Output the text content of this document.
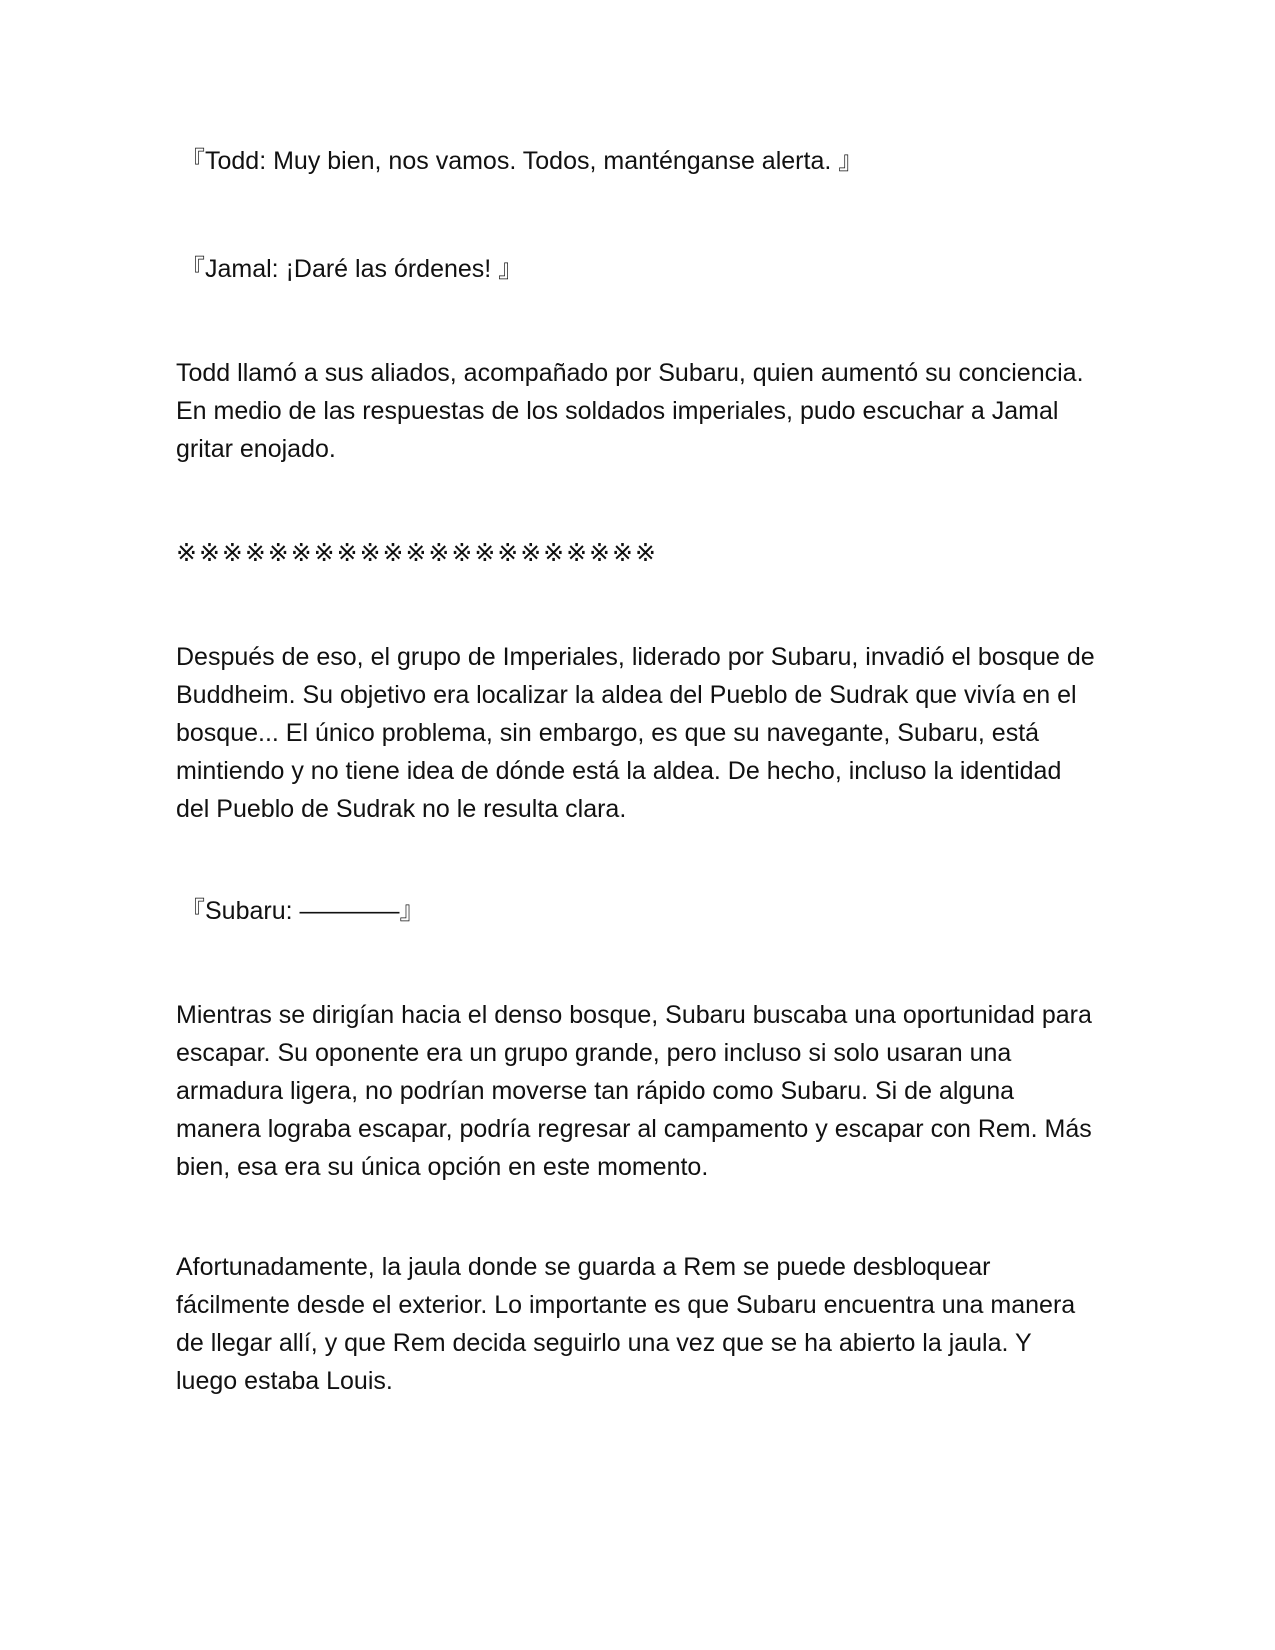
『Todd: Muy bien, nos vamos. Todos, manténganse alerta. 』

『Jamal: ¡Daré las órdenes! 』

Todd llamó a sus aliados, acompañado por Subaru, quien aumentó su conciencia. En medio de las respuestas de los soldados imperiales, pudo escuchar a Jamal gritar enojado.

※※※※※※※※※※※※※※※※※※※※※

Después de eso, el grupo de Imperiales, liderado por Subaru, invadió el bosque de Buddheim. Su objetivo era localizar la aldea del Pueblo de Sudrak que vivía en el bosque... El único problema, sin embargo, es que su navegante, Subaru, está mintiendo y no tiene idea de dónde está la aldea. De hecho, incluso la identidad del Pueblo de Sudrak no le resulta clara.

『Subaru: ————』

Mientras se dirigían hacia el denso bosque, Subaru buscaba una oportunidad para escapar. Su oponente era un grupo grande, pero incluso si solo usaran una armadura ligera, no podrían moverse tan rápido como Subaru. Si de alguna manera lograba escapar, podría regresar al campamento y escapar con Rem. Más bien, esa era su única opción en este momento.

Afortunadamente, la jaula donde se guarda a Rem se puede desbloquear fácilmente desde el exterior. Lo importante es que Subaru encuentra una manera de llegar allí, y que Rem decida seguirlo una vez que se ha abierto la jaula. Y luego estaba Louis.
